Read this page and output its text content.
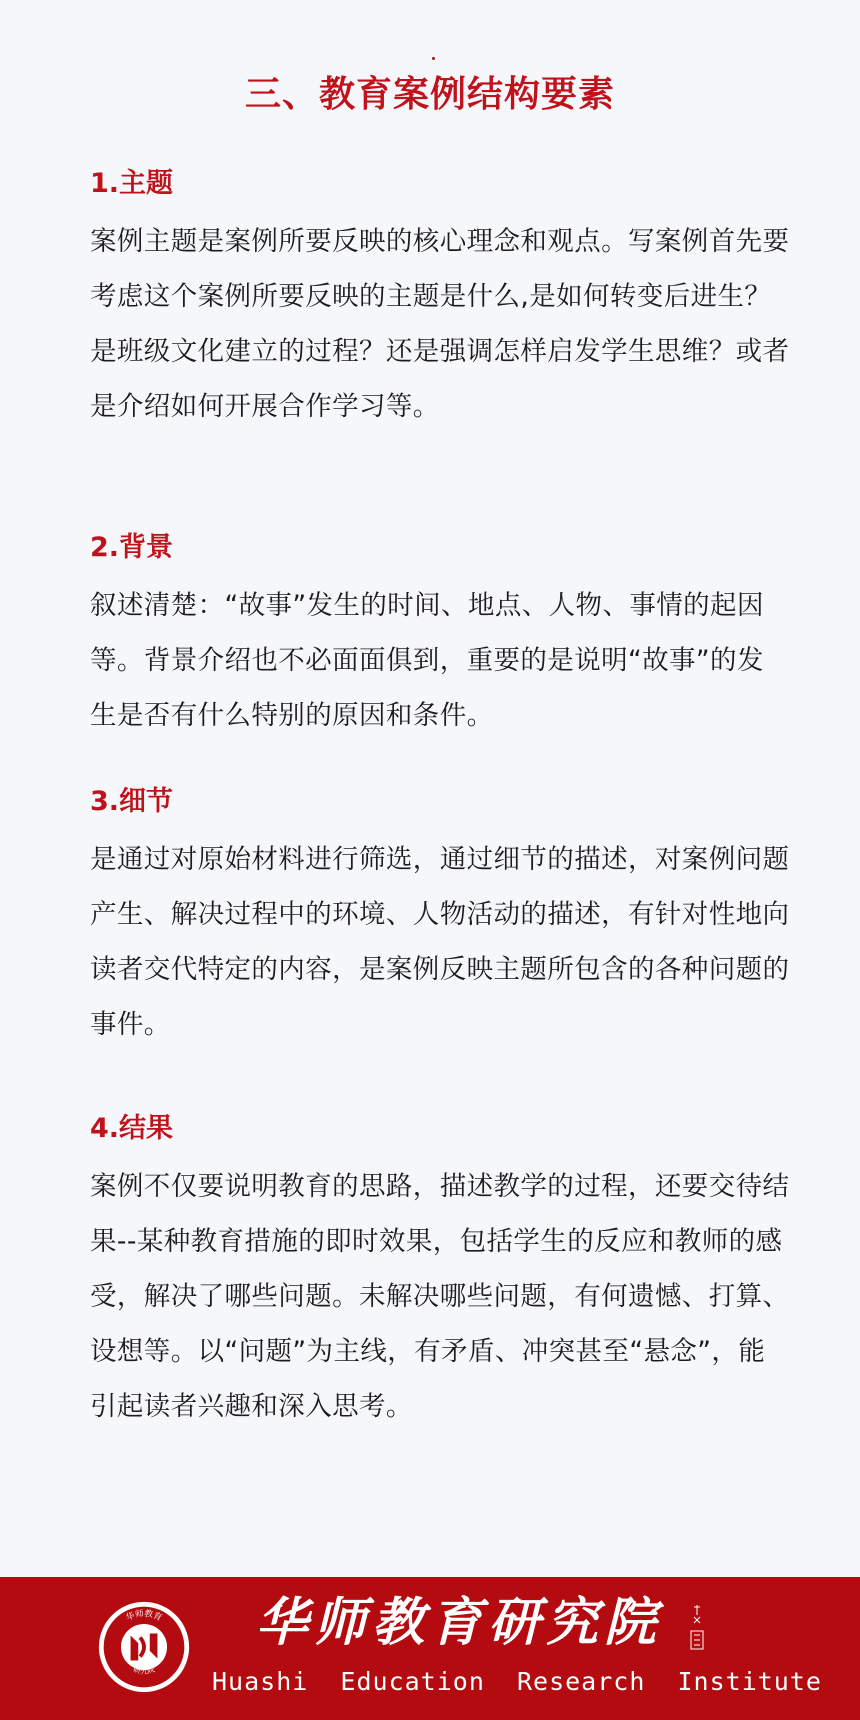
三、教育案例结构要素
1.主题

案例主题是案例所要反映的核心理念和观点。写案例首先要考虑这个案例所要反映的主题是什么,是如何转变后进生？是班级文化建立的过程？还是强调怎样启发学生思维？或者是介绍如何开展合作学习等。

2.背景

叙述清楚：“故事”发生的时间、地点、人物、事情的起因等。背景介绍也不必面面俱到，重要的是说明“故事”的发生是否有什么特别的原因和条件。

3.细节

是通过对原始材料进行筛选，通过细节的描述，对案例问题产生、解决过程中的环境、人物活动的描述，有针对性地向读者交代特定的内容，是案例反映主题所包含的各种问题的事件。

4.结果

案例不仅要说明教育的思路，描述教学的过程，还要交待结果--某种教育措施的即时效果，包括学生的反应和教师的感受，解决了哪些问题。未解决哪些问题，有何遗憾、打算、设想等。以“问题”为主线，有矛盾、冲突甚至“悬念”，能引起读者兴趣和深入思考。

华师教育
研究院
华师教育研究院
Huashi  Education  Research  Institute
